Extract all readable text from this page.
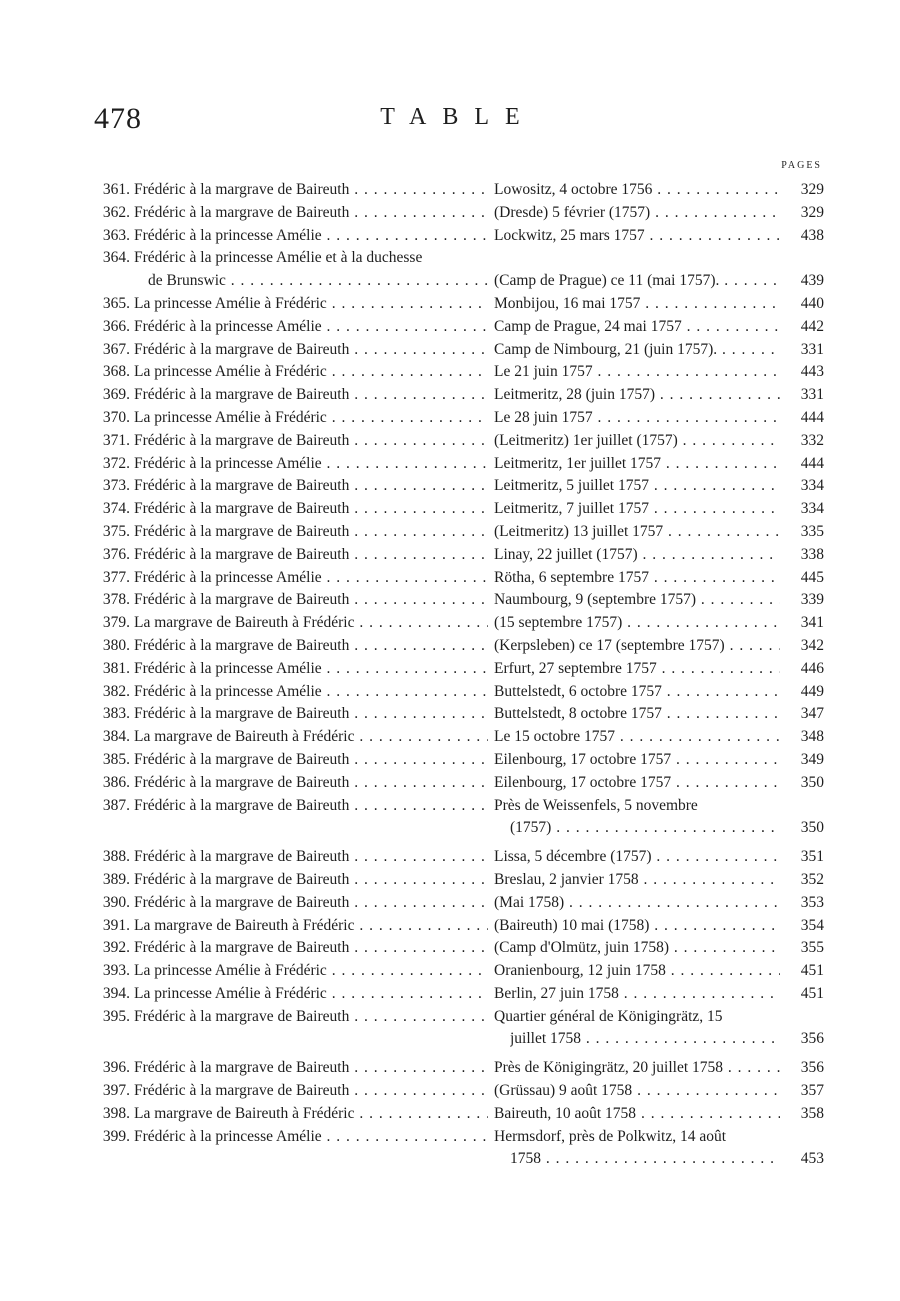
478	TABLE
PAGES
361. Frédéric à la margrave de Baireuth . . .	Lowositz, 4 octobre 1756 . . .	329
362. Frédéric à la margrave de Baireuth . . .	(Dresde) 5 février (1757) . . .	329
363. Frédéric à la princesse Amélie . . .	Lockwitz, 25 mars 1757 . . .	438
364. Frédéric à la princesse Amélie et à la duchesse
de Brunswic . . .	(Camp de Prague) ce 11 (mai 1757). . . .	439
365. La princesse Amélie à Frédéric . . .	Monbijou, 16 mai 1757 . . .	440
366. Frédéric à la princesse Amélie . . .	Camp de Prague, 24 mai 1757 . . .	442
367. Frédéric à la margrave de Baireuth . . .	Camp de Nimbourg, 21 (juin 1757). . . .	331
368. La princesse Amélie à Frédéric . . .	Le 21 juin 1757 . . .	443
369. Frédéric à la margrave de Baireuth . . .	Leitmeritz, 28 (juin 1757) . . .	331
370. La princesse Amélie à Frédéric . . .	Le 28 juin 1757 . . .	444
371. Frédéric à la margrave de Baireuth . . .	(Leitmeritz) 1er juillet (1757) . . .	332
372. Frédéric à la princesse Amélie . . .	Leitmeritz, 1er juillet 1757 . . .	444
373. Frédéric à la margrave de Baireuth . . .	Leitmeritz, 5 juillet 1757 . . .	334
374. Frédéric à la margrave de Baireuth . . .	Leitmeritz, 7 juillet 1757 . . .	334
375. Frédéric à la margrave de Baireuth . . .	(Leitmeritz) 13 juillet 1757 . . .	335
376. Frédéric à la margrave de Baireuth . . .	Linay, 22 juillet (1757) . . .	338
377. Frédéric à la princesse Amélie . . .	Rötha, 6 septembre 1757 . . .	445
378. Frédéric à la margrave de Baireuth . . .	Naumbourg, 9 (septembre 1757) . . .	339
379. La margrave de Baireuth à Frédéric . . .	(15 septembre 1757) . . .	341
380. Frédéric à la margrave de Baireuth . . .	(Kerpsleben) ce 17 (septembre 1757) . . .	342
381. Frédéric à la princesse Amélie . . .	Erfurt, 27 septembre 1757 . . .	446
382. Frédéric à la princesse Amélie . . .	Buttelstedt, 6 octobre 1757 . . .	449
383. Frédéric à la margrave de Baireuth . . .	Buttelstedt, 8 octobre 1757 . . .	347
384. La margrave de Baireuth à Frédéric . . .	Le 15 octobre 1757 . . .	348
385. Frédéric à la margrave de Baireuth . . .	Eilenbourg, 17 octobre 1757 . . .	349
386. Frédéric à la margrave de Baireuth . . .	Eilenbourg, 17 octobre 1757 . . .	350
387. Frédéric à la margrave de Baireuth . . .	Près de Weissenfels, 5 novembre
(1757) . . .	350
388. Frédéric à la margrave de Baireuth . . .	Lissa, 5 décembre (1757) . . .	351
389. Frédéric à la margrave de Baireuth . . .	Breslau, 2 janvier 1758 . . .	352
390. Frédéric à la margrave de Baireuth . . .	(Mai 1758) . . .	353
391. La margrave de Baireuth à Frédéric . . .	(Baireuth) 10 mai (1758) . . .	354
392. Frédéric à la margrave de Baireuth . . .	(Camp d'Olmütz, juin 1758) . . .	355
393. La princesse Amélie à Frédéric . . .	Oranienbourg, 12 juin 1758 . . .	451
394. La princesse Amélie à Frédéric . . .	Berlin, 27 juin 1758 . . .	451
395. Frédéric à la margrave de Baireuth . . .	Quartier général de Königingrätz, 15
juillet 1758 . . .	356
396. Frédéric à la margrave de Baireuth . . .	Près de Königingrätz, 20 juillet 1758 . . .	356
397. Frédéric à la margrave de Baireuth . . .	(Grüssau) 9 août 1758 . . .	357
398. La margrave de Baireuth à Frédéric . . .	Baireuth, 10 août 1758 . . .	358
399. Frédéric à la princesse Amélie . . .	Hermsdorf, près de Polkwitz, 14 août
1758 . . .	453
